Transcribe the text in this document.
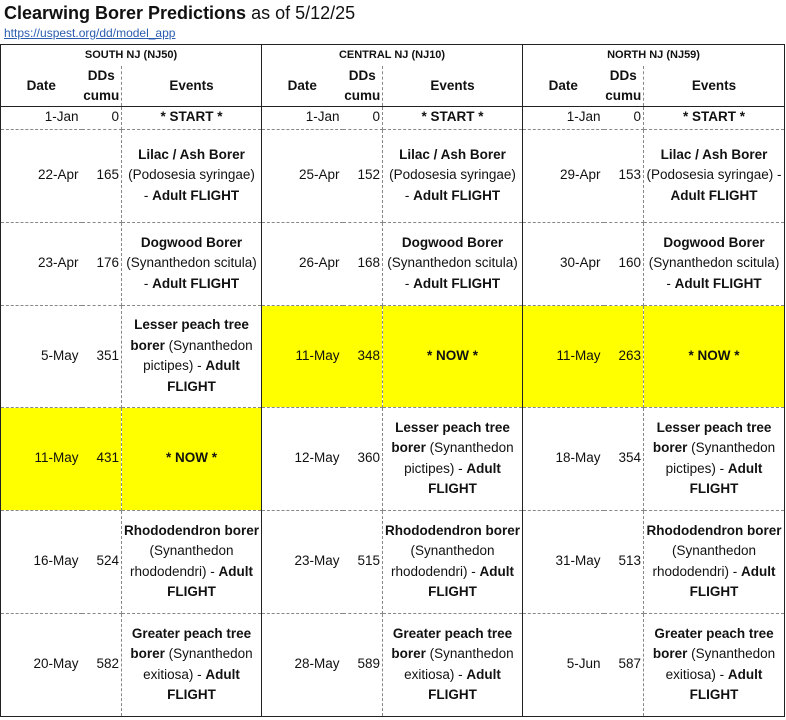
Clearwing Borer Predictions as of 5/12/25
https://uspest.org/dd/model_app
SOUTH NJ (NJ50)			CENTRAL NJ (NJ10)			NORTH NJ (NJ59)		
Date	DDs cumu	Events	Date	DDs cumu	Events	Date	DDs cumu	Events
1-Jan	0	* START *	1-Jan	0	* START *	1-Jan	0	* START *
22-Apr	165	Lilac / Ash Borer (Podosesia syringae) - Adult FLIGHT	25-Apr	152	Lilac / Ash Borer (Podosesia syringae) - Adult FLIGHT	29-Apr	153	Lilac / Ash Borer (Podosesia syringae) - Adult FLIGHT
23-Apr	176	Dogwood Borer (Synanthedon scitula) - Adult FLIGHT	26-Apr	168	Dogwood Borer (Synanthedon scitula) - Adult FLIGHT	30-Apr	160	Dogwood Borer (Synanthedon scitula) - Adult FLIGHT
5-May	351	Lesser peach tree borer (Synanthedon pictipes) - Adult FLIGHT	11-May	348	* NOW *	11-May	263	* NOW *
11-May	431	* NOW *	12-May	360	Lesser peach tree borer (Synanthedon pictipes) - Adult FLIGHT	18-May	354	Lesser peach tree borer (Synanthedon pictipes) - Adult FLIGHT
16-May	524	Rhododendron borer (Synanthedon rhododendri) - Adult FLIGHT	23-May	515	Rhododendron borer (Synanthedon rhododendri) - Adult FLIGHT	31-May	513	Rhododendron borer (Synanthedon rhododendri) - Adult FLIGHT
20-May	582	Greater peach tree borer (Synanthedon exitiosa) - Adult FLIGHT	28-May	589	Greater peach tree borer (Synanthedon exitiosa) - Adult FLIGHT	5-Jun	587	Greater peach tree borer (Synanthedon exitiosa) - Adult FLIGHT
